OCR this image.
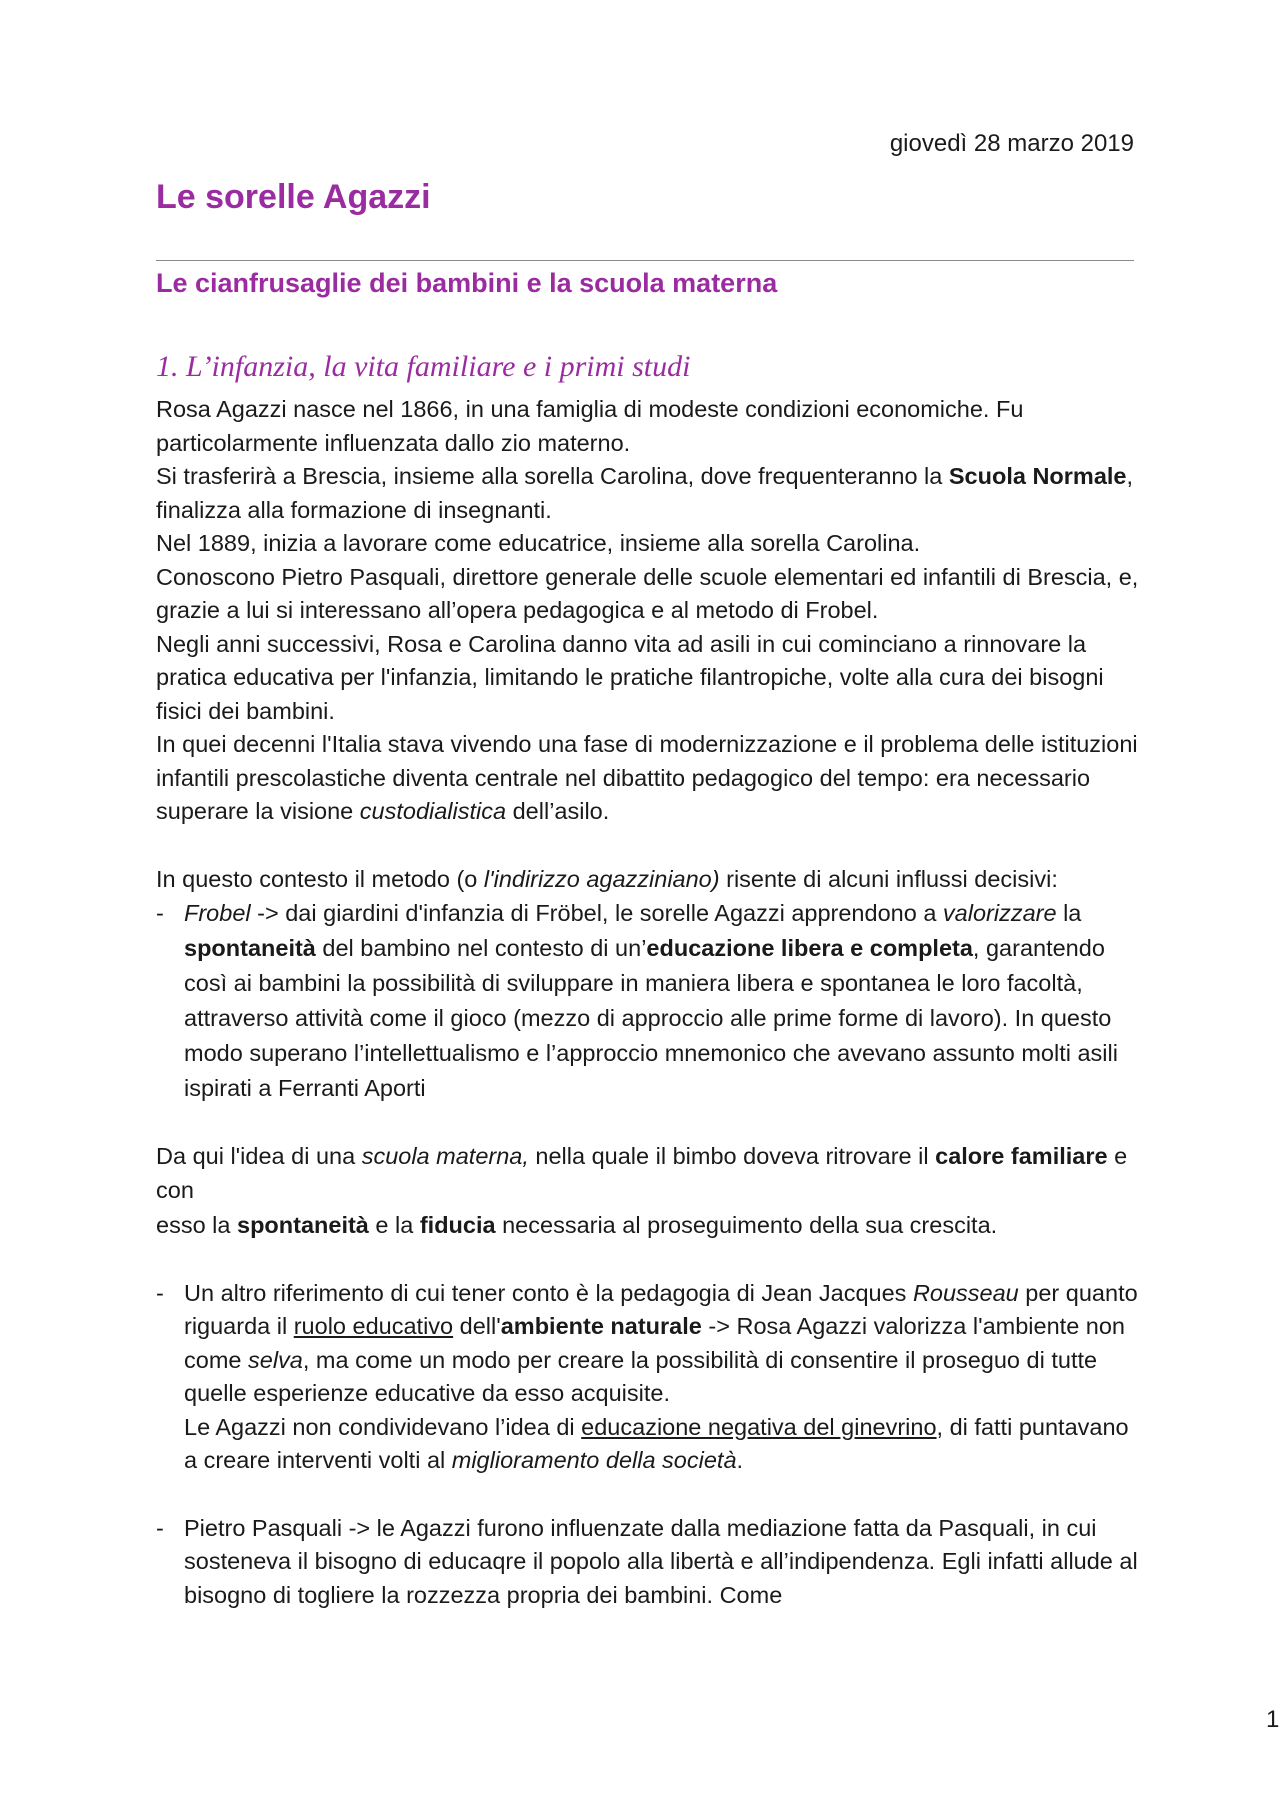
giovedì 28 marzo 2019
Le sorelle Agazzi
Le cianfrusaglie dei bambini e la scuola materna
1. L’infanzia, la vita familiare e i primi studi

Rosa Agazzi nasce nel 1866, in una famiglia di modeste condizioni economiche. Fu particolarmente influenzata dallo zio materno.

Si trasferirà a Brescia, insieme alla sorella Carolina, dove frequenteranno la Scuola Normale, finalizza alla formazione di insegnanti.

Nel 1889, inizia a lavorare come educatrice, insieme alla sorella Carolina.

Conoscono Pietro Pasquali, direttore generale delle scuole elementari ed infantili di Brescia, e, grazie a lui si interessano all’opera pedagogica e al metodo di Frobel.

Negli anni successivi, Rosa e Carolina danno vita ad asili in cui cominciano a rinnovare la pratica educativa per l'infanzia, limitando le pratiche filantropiche, volte alla cura dei bisogni fisici dei bambini.

In quei decenni l'Italia stava vivendo una fase di modernizzazione e il problema delle istituzioni infantili prescolastiche diventa centrale nel dibattito pedagogico del tempo: era necessario superare la visione custodialistica dell’asilo.

In questo contesto il metodo (o l'indirizzo agazziniano) risente di alcuni influssi decisivi:

- Frobel -> dai giardini d'infanzia di Fröbel, le sorelle Agazzi apprendono a valorizzare la spontaneità del bambino nel contesto di un’educazione libera e completa, garantendo così ai bambini la possibilità di sviluppare in maniera libera e spontanea le loro facoltà, attraverso attività come il gioco (mezzo di approccio alle prime forme di lavoro). In questo modo superano l’intellettualismo e l’approccio mnemonico che avevano assunto molti asili ispirati a Ferranti Aporti

Da qui l'idea di una scuola materna, nella quale il bimbo doveva ritrovare il calore familiare e con

esso la spontaneità e la fiducia necessaria al proseguimento della sua crescita.

- Un altro riferimento di cui tener conto è la pedagogia di Jean Jacques Rousseau per quanto riguarda il ruolo educativo dell'ambiente naturale -> Rosa Agazzi valorizza l'ambiente non come selva, ma come un modo per creare la possibilità di consentire il proseguo di tutte quelle esperienze educative da esso acquisite.
Le Agazzi non condividevano l’idea di educazione negativa del ginevrino, di fatti puntavano a creare interventi volti al miglioramento della società.
- Pietro Pasquali -> le Agazzi furono influenzate dalla mediazione fatta da Pasquali, in cui sosteneva il bisogno di educaqre il popolo alla libertà e all’indipendenza. Egli infatti allude al bisogno di togliere la rozzezza propria dei bambini. Come
1
